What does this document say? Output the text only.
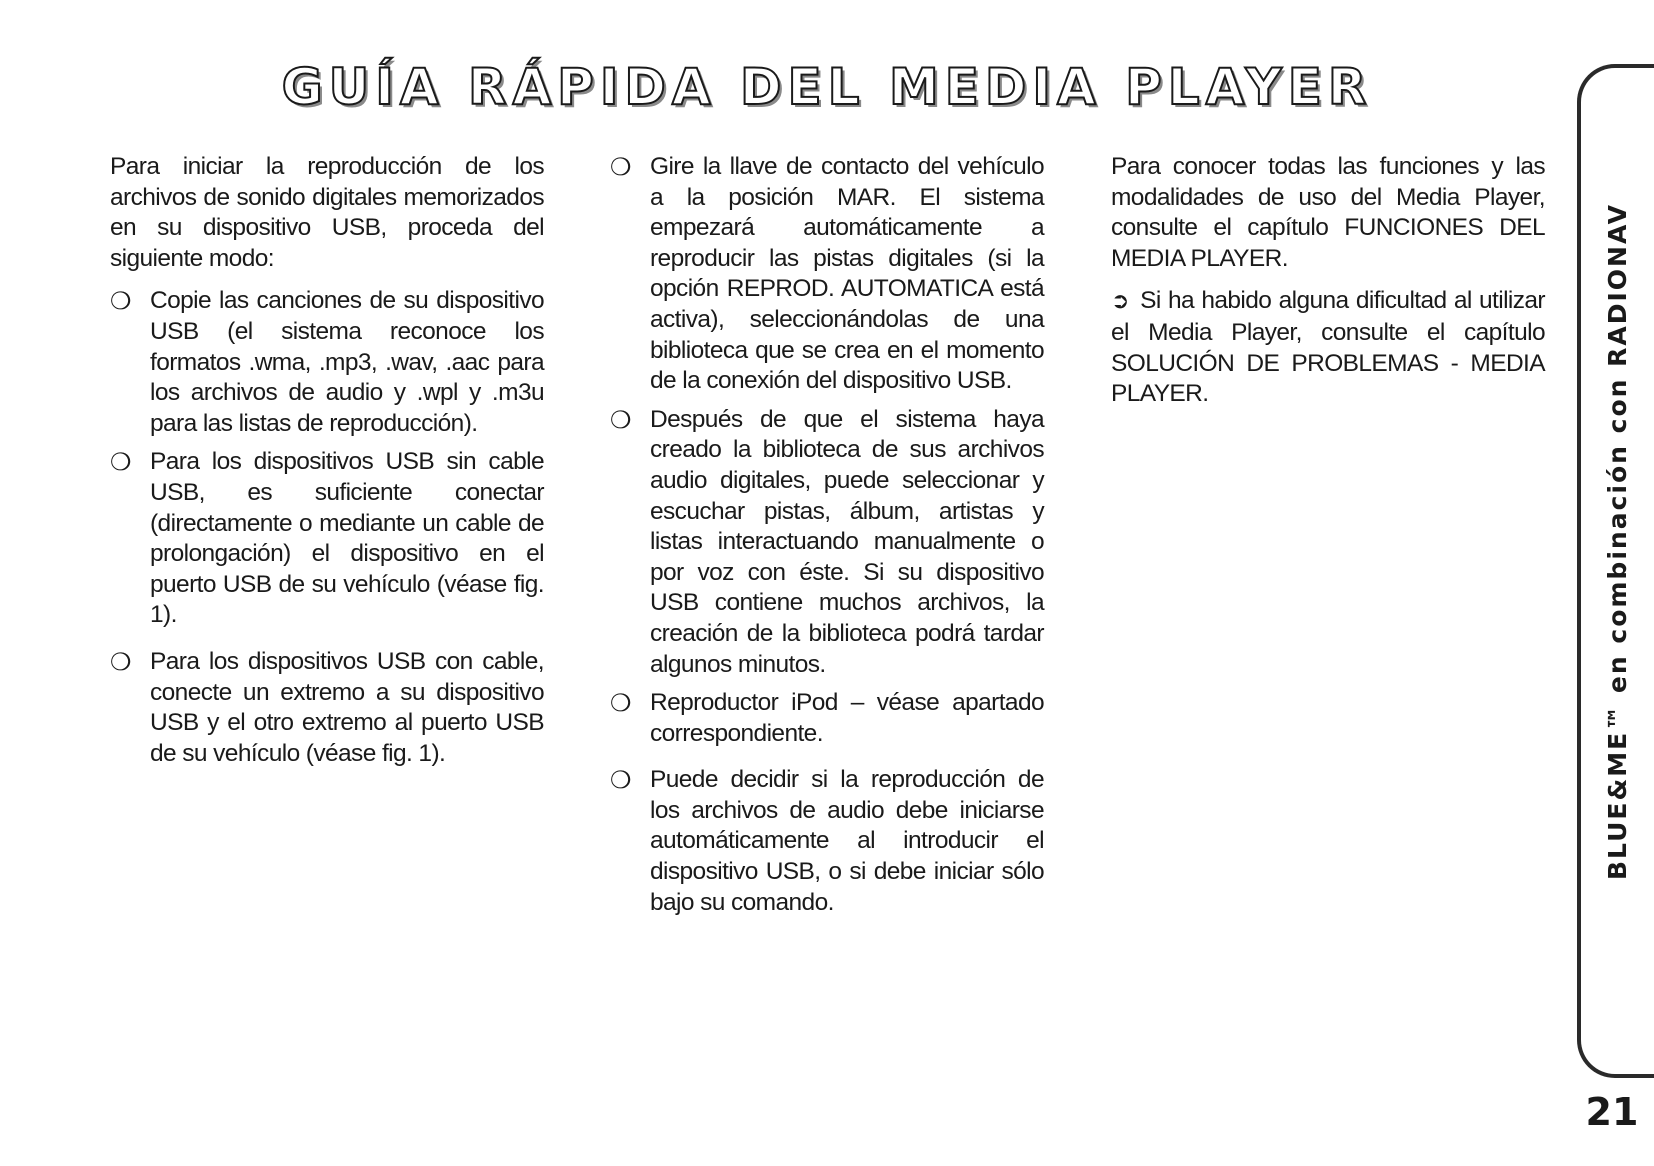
GUÍA RÁPIDA DEL MEDIA PLAYER

Para iniciar la reproducción de los archivos de sonido digitales memorizados en su dispositivo USB, proceda del siguiente modo:

❍ Copie las canciones de su dispositivo USB (el sistema reconoce los formatos .wma, .mp3, .wav, .aac para los archivos de audio y .wpl y .m3u para las listas de reproducción).
❍ Para los dispositivos USB sin cable USB, es suficiente conectar (directamente o mediante un cable de prolongación) el dispositivo en el puerto USB de su vehículo (véase fig. 1).
❍ Para los dispositivos USB con cable, conecte un extremo a su dispositivo USB y el otro extremo al puerto USB de su vehículo (véase fig. 1).
❍ Gire la llave de contacto del vehículo a la posición MAR. El sistema empezará automáticamente a reproducir las pistas digitales (si la opción REPROD. AUTOMATICA está activa), seleccionándolas de una biblioteca que se crea en el momento de la conexión del dispositivo USB.
❍ Después de que el sistema haya creado la biblioteca de sus archivos audio digitales, puede seleccionar y escuchar pistas, álbum, artistas y listas interactuando manualmente o por voz con éste. Si su dispositivo USB contiene muchos archivos, la creación de la biblioteca podrá tardar algunos minutos.
❍ Reproductor iPod – véase apartado correspondiente.
❍ Puede decidir si la reproducción de los archivos de audio debe iniciarse automáticamente al introducir el dispositivo USB, o si debe iniciar sólo bajo su comando.

Para conocer todas las funciones y las modalidades de uso del Media Player, consulte el capítulo FUNCIONES DEL MEDIA PLAYER.

➲ Si ha habido alguna dificultad al utilizar el Media Player, consulte el capítulo SOLUCIÓN DE PROBLEMAS - MEDIA PLAYER.	BLUE&ME™ en combinación con RADIONAV
21
